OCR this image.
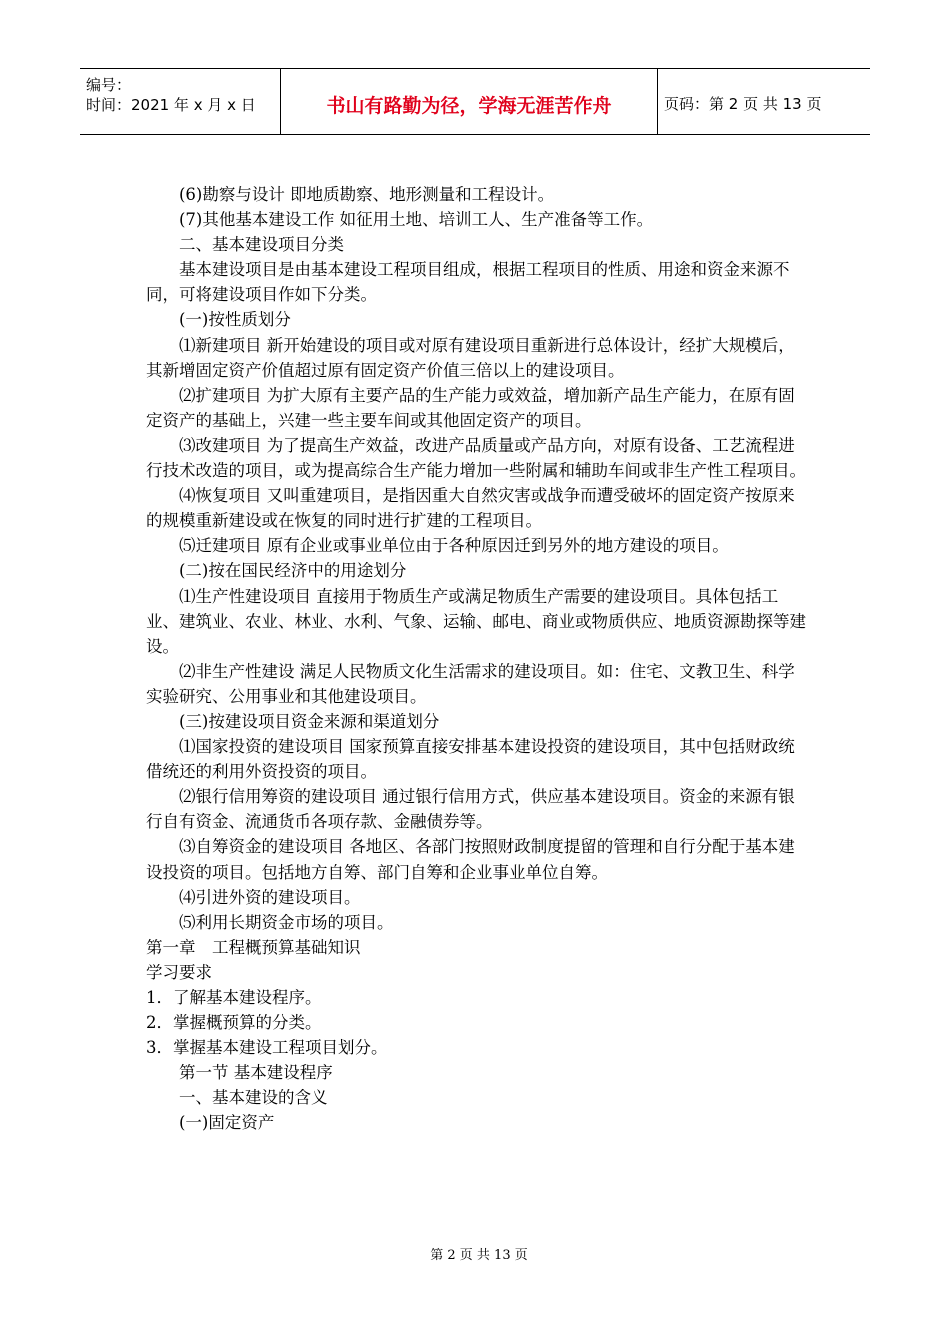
编号：
时间：2021 年 x 月 x 日	书山有路勤为径，学海无涯苦作舟	页码：第 2 页 共 13 页

(6)勘察与设计 即地质勘察、地形测量和工程设计。

(7)其他基本建设工作 如征用土地、培训工人、生产准备等工作。

二、基本建设项目分类

基本建设项目是由基本建设工程项目组成，根据工程项目的性质、用途和资金来源不同，可将建设项目作如下分类。

(一)按性质划分

⑴新建项目 新开始建设的项目或对原有建设项目重新进行总体设计，经扩大规模后，其新增固定资产价值超过原有固定资产价值三倍以上的建设项目。

⑵扩建项目 为扩大原有主要产品的生产能力或效益，增加新产品生产能力，在原有固定资产的基础上，兴建一些主要车间或其他固定资产的项目。

⑶改建项目 为了提高生产效益，改进产品质量或产品方向，对原有设备、工艺流程进行技术改造的项目，或为提高综合生产能力增加一些附属和辅助车间或非生产性工程项目。

⑷恢复项目 又叫重建项目，是指因重大自然灾害或战争而遭受破坏的固定资产按原来的规模重新建设或在恢复的同时进行扩建的工程项目。

⑸迁建项目 原有企业或事业单位由于各种原因迁到另外的地方建设的项目。

(二)按在国民经济中的用途划分

⑴生产性建设项目 直接用于物质生产或满足物质生产需要的建设项目。具体包括工业、建筑业、农业、林业、水利、气象、运输、邮电、商业或物质供应、地质资源勘探等建设。

⑵非生产性建设 满足人民物质文化生活需求的建设项目。如：住宅、文教卫生、科学实验研究、公用事业和其他建设项目。

(三)按建设项目资金来源和渠道划分

⑴国家投资的建设项目 国家预算直接安排基本建设投资的建设项目，其中包括财政统借统还的利用外资投资的项目。

⑵银行信用筹资的建设项目 通过银行信用方式，供应基本建设项目。资金的来源有银行自有资金、流通货币各项存款、金融债券等。

⑶自筹资金的建设项目 各地区、各部门按照财政制度提留的管理和自行分配于基本建设投资的项目。包括地方自筹、部门自筹和企业事业单位自筹。

⑷引进外资的建设项目。

⑸利用长期资金市场的项目。

第一章　工程概预算基础知识

学习要求

1．了解基本建设程序。

2．掌握概预算的分类。

3．掌握基本建设工程项目划分。

第一节 基本建设程序

一、基本建设的含义

(一)固定资产

第 2 页 共 13 页
